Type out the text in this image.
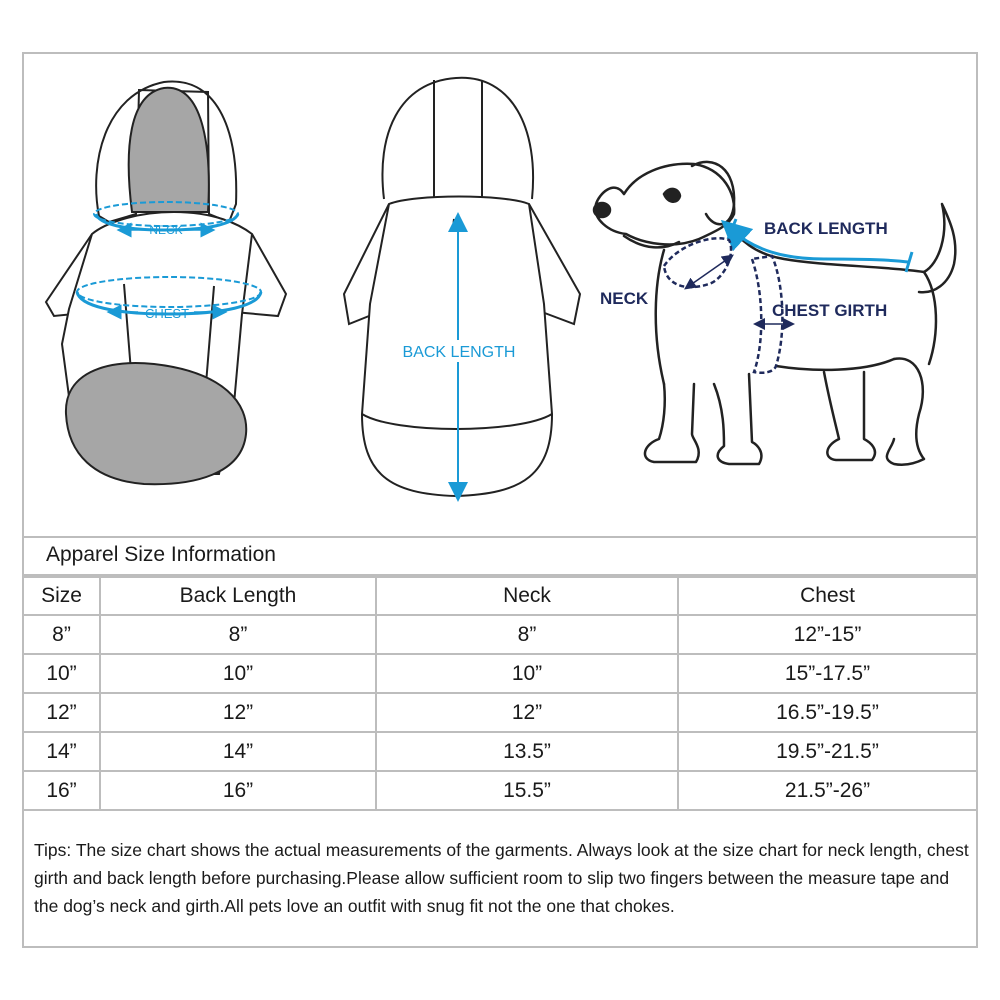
NECK
CHEST
BACK LENGTH
BACK LENGTH
NECK
CHEST GIRTH
Apparel Size Information
Size	Back Length	Neck	Chest
8”	8”	8”	12”-15”
10”	10”	10”	15”-17.5”
12”	12”	12”	16.5”-19.5”
14”	14”	13.5”	19.5”-21.5”
16”	16”	15.5”	21.5”-26”
Tips: The size chart shows the actual measurements of the garments. Always look at the size chart for neck length, chest girth and back length before purchasing.Please allow sufficient room to slip two fingers between the measure tape and the dog’s neck and girth.All pets love an outfit with snug fit not the one that chokes.
